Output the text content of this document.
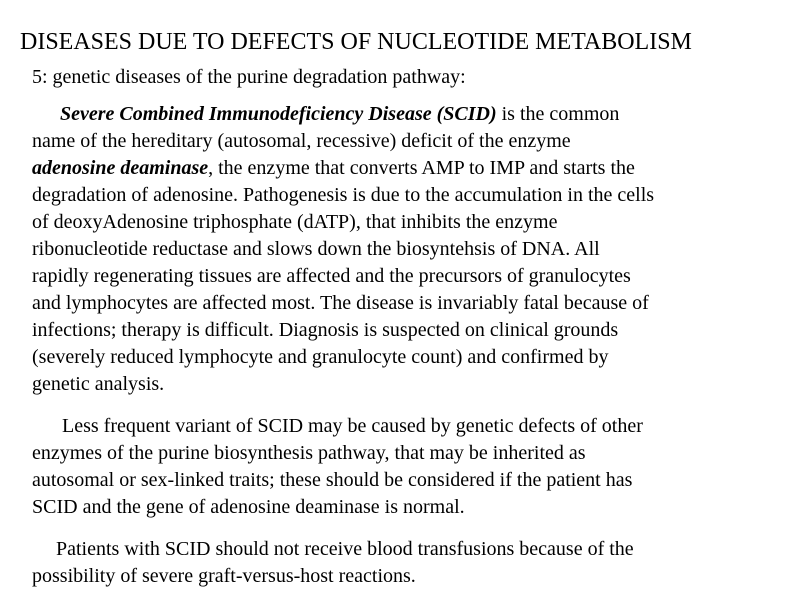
DISEASES DUE TO DEFECTS OF NUCLEOTIDE METABOLISM
5: genetic diseases of the purine degradation pathway:
Severe Combined Immunodeficiency Disease (SCID) is the common
name of the hereditary (autosomal, recessive) deficit of the enzyme
adenosine deaminase, the enzyme that converts AMP to IMP and starts the
degradation of adenosine. Pathogenesis is due to the accumulation in the cells
of deoxyAdenosine triphosphate (dATP), that inhibits the enzyme
ribonucleotide reductase and slows down the biosyntehsis of DNA. All
rapidly regenerating tissues are affected and the precursors of granulocytes
and lymphocytes are affected most. The disease is invariably fatal because of
infections; therapy is difficult. Diagnosis is suspected on clinical grounds
(severely reduced lymphocyte and granulocyte count) and confirmed by
genetic analysis.
Less frequent variant of SCID may be caused by genetic defects of other
enzymes of the purine biosynthesis pathway, that may be inherited as
autosomal or sex-linked traits; these should be considered if the patient has
SCID and the gene of adenosine deaminase is normal.
Patients with SCID should not receive blood transfusions because of the
possibility of severe graft-versus-host reactions.
